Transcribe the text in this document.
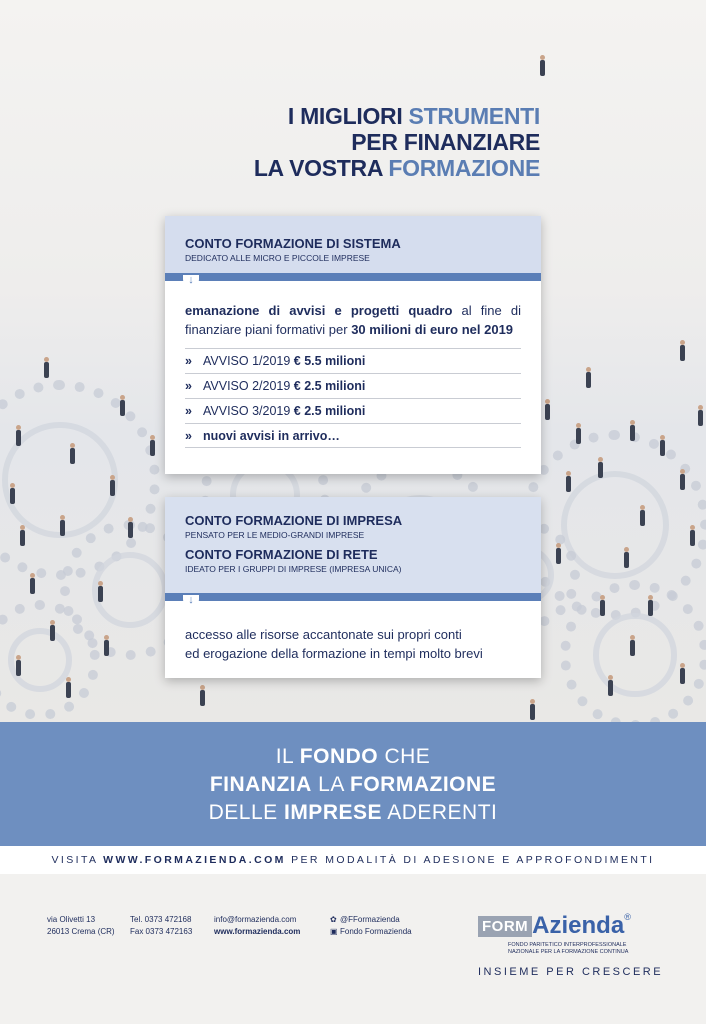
I MIGLIORI STRUMENTI
PER FINANZIARE
LA VOSTRA FORMAZIONE
CONTO FORMAZIONE DI SISTEMA
DEDICATO ALLE MICRO E PICCOLE IMPRESE
↓
emanazione di avvisi e progetti quadro al fine di finanziare piani formativi per 30 milioni di euro nel 2019
» AVVISO 1/2019 € 5.5 milioni
» AVVISO 2/2019 € 2.5 milioni
» AVVISO 3/2019 € 2.5 milioni
» nuovi avvisi in arrivo…
CONTO FORMAZIONE DI IMPRESA
PENSATO PER LE MEDIO-GRANDI IMPRESE
CONTO FORMAZIONE DI RETE
IDEATO PER I GRUPPI DI IMPRESE (IMPRESA UNICA)
↓
accesso alle risorse accantonate sui propri conti
ed erogazione della formazione in tempi molto brevi
IL FONDO CHE
FINANZIA LA FORMAZIONE
DELLE IMPRESE ADERENTI
VISITA WWW.FORMAZIENDA.COM PER MODALITÀ DI ADESIONE E APPROFONDIMENTI
via Olivetti 13
26013 Crema (CR)
Tel. 0373 472168
Fax 0373 472163
info@formazienda.com
www.formazienda.com
✿ @FFormazienda
▣ Fondo Formazienda	FORM Azienda®
FONDO PARITETICO INTERPROFESSIONALE
NAZIONALE PER LA FORMAZIONE CONTINUA
INSIEME PER CRESCERE
